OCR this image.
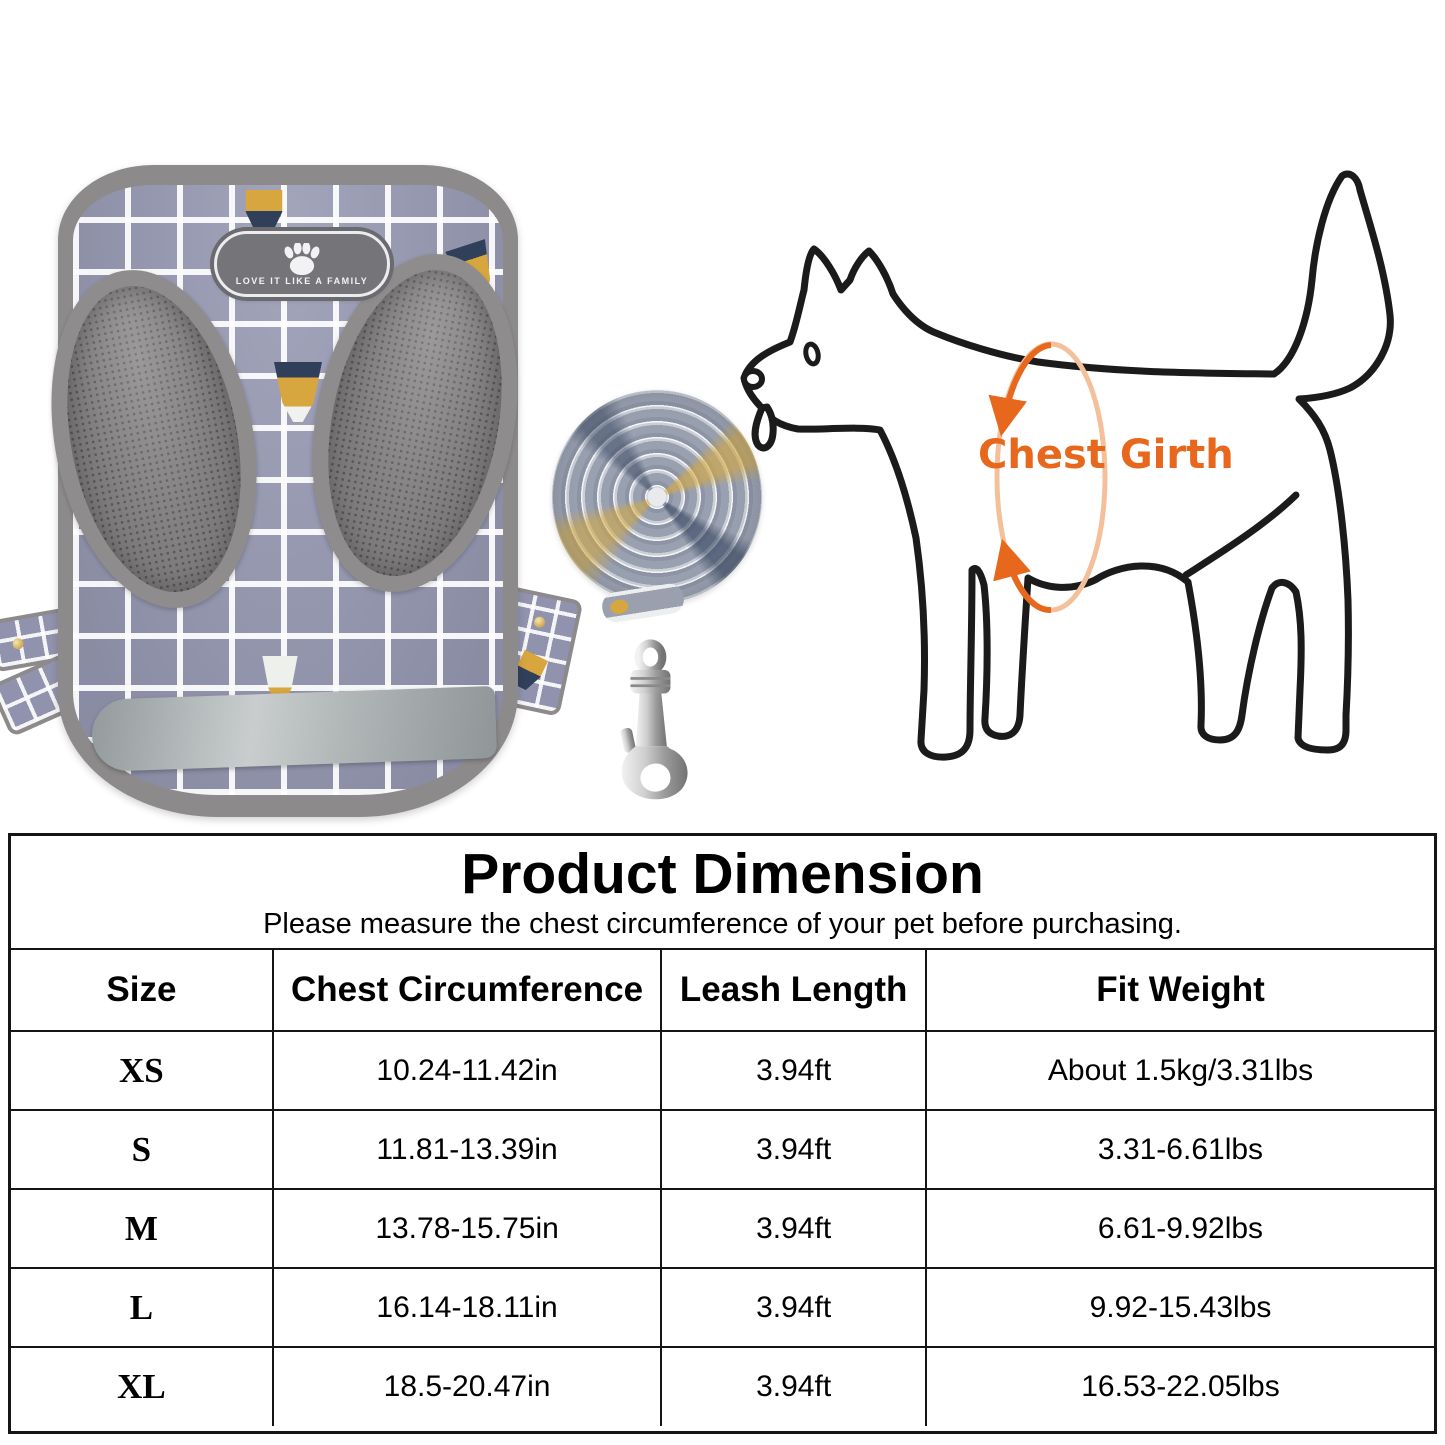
LOVE IT LIKE A FAMILY
Chest Girth
Product Dimension
Please measure the chest circumference of your pet before purchasing.
Size	Chest Circumference	Leash Length	Fit Weight
XS	10.24-11.42in	3.94ft	About 1.5kg/3.31lbs
S	11.81-13.39in	3.94ft	3.31-6.61lbs
M	13.78-15.75in	3.94ft	6.61-9.92lbs
L	16.14-18.11in	3.94ft	9.92-15.43lbs
XL	18.5-20.47in	3.94ft	16.53-22.05lbs
